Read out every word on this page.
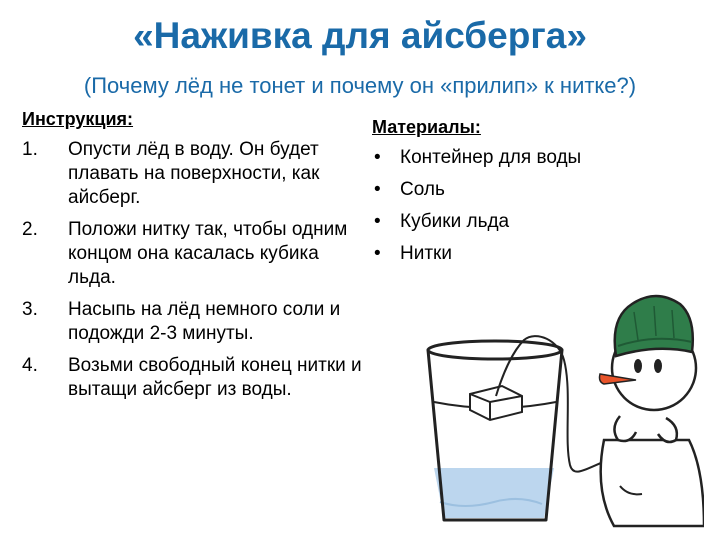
«Наживка для айсберга»

(Почему лёд не тонет и почему он «прилип» к нитке?)

Инструкция:
1. Опусти лёд в воду. Он будет плавать на поверхности, как айсберг.
2. Положи нитку так, чтобы одним концом она касалась кубика льда.
3. Насыпь на лёд немного соли и подожди 2-3 минуты.
4. Возьми свободный конец нитки и вытащи айсберг из воды.
Материалы:
• Контейнер для воды
• Соль
• Кубики льда
• Нитки
